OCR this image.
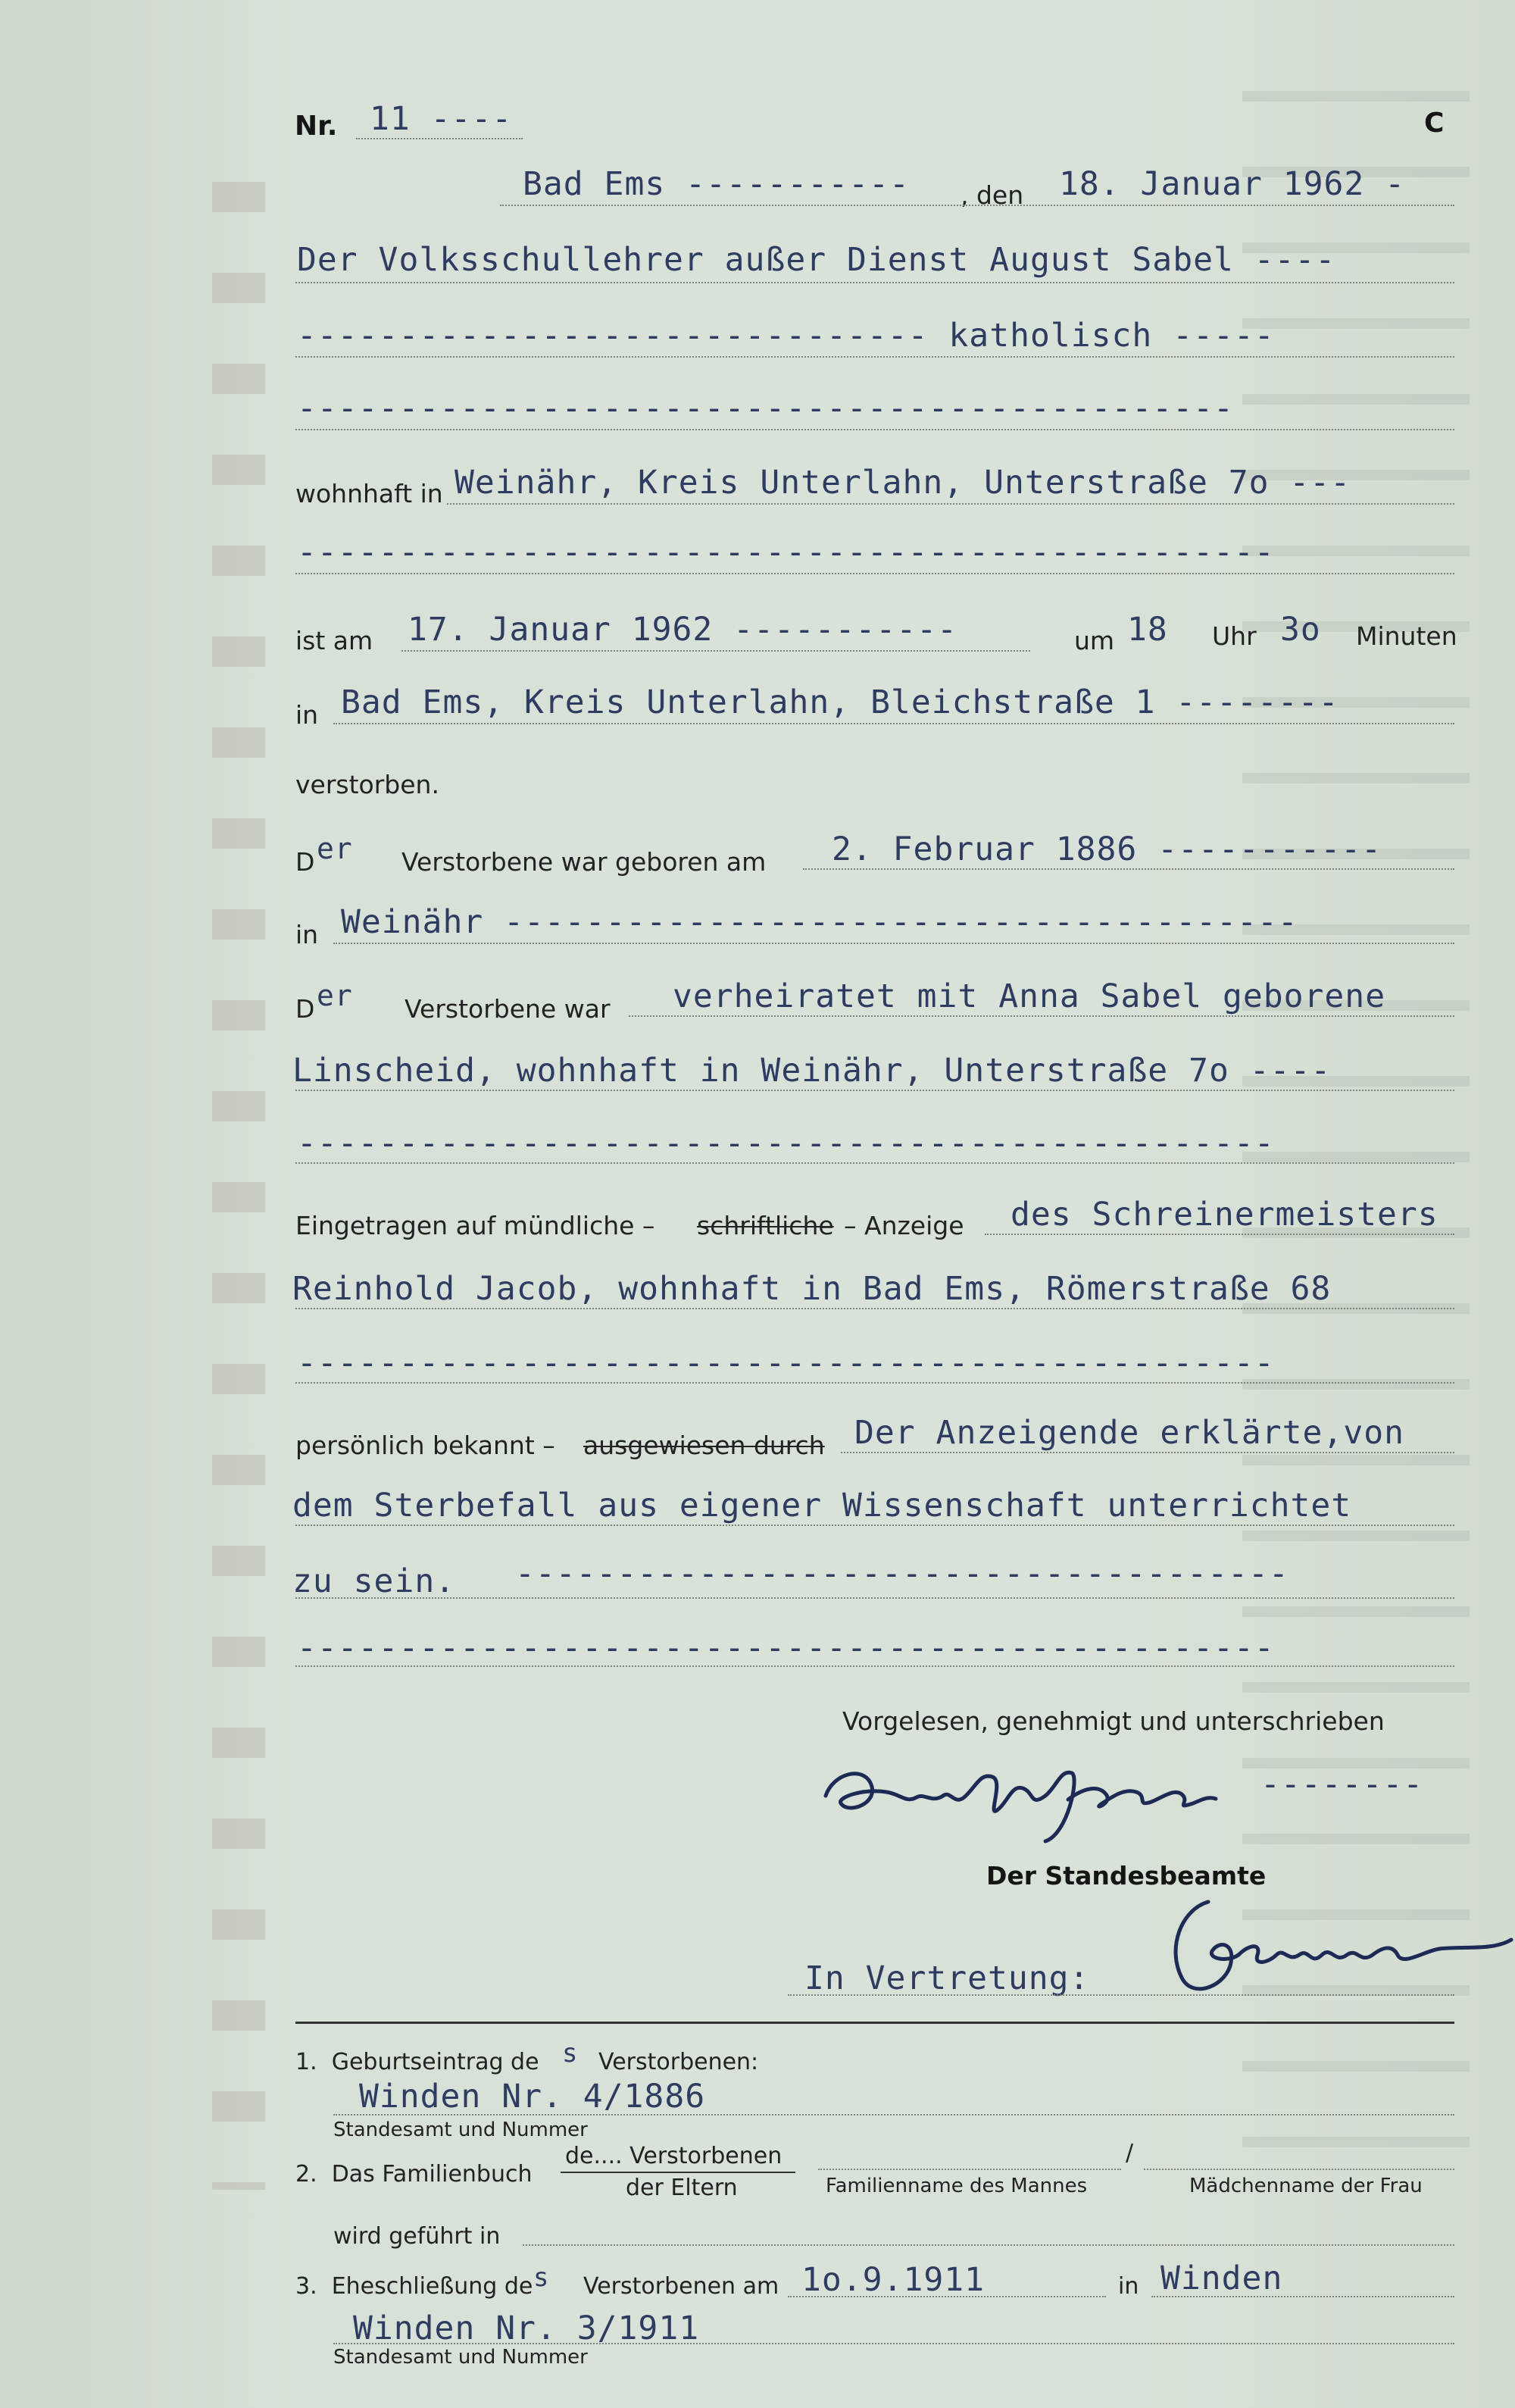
Nr. 11 ----	C
Bad Ems ----------- , den 18. Januar 1962 -
Der Volksschullehrer außer Dienst August Sabel ----
------------------------------- katholisch -----
----------------------------------------------
wohnhaft in Weinähr, Kreis Unterlahn, Unterstraße 7o ---
------------------------------------------------
ist am 17. Januar 1962 -----------	um 18 Uhr 3o Minuten
in Bad Ems, Kreis Unterlahn, Bleichstraße 1 --------
verstorben.
D er Verstorbene war geboren am 2. Februar 1886 -----------
in Weinähr ---------------------------------------
D er Verstorbene war verheiratet mit Anna Sabel geborene
Linscheid, wohnhaft in Weinähr, Unterstraße 7o ----
------------------------------------------------
Eingetragen auf mündliche – schriftliche – Anzeige des Schreinermeisters
Reinhold Jacob, wohnhaft in Bad Ems, Römerstraße 68
------------------------------------------------
persönlich bekannt – ausgewiesen durch Der Anzeigende erklärte,von
dem Sterbefall aus eigener Wissenschaft unterrichtet
zu sein. --------------------------------------
------------------------------------------------
Vorgelesen, genehmigt und unterschrieben
--------
Der Standesbeamte
In Vertretung:
1.  Geburtseintrag de s Verstorbenen:
Winden Nr. 4/1886
Standesamt und Nummer
2.  Das Familienbuch
de.... Verstorbenen
der Eltern
/
Familienname des Mannes	Mädchenname der Frau
wird geführt in
3.  Eheschließung de s Verstorbenen am 1o.9.1911	in Winden
Winden Nr. 3/1911
Standesamt und Nummer
